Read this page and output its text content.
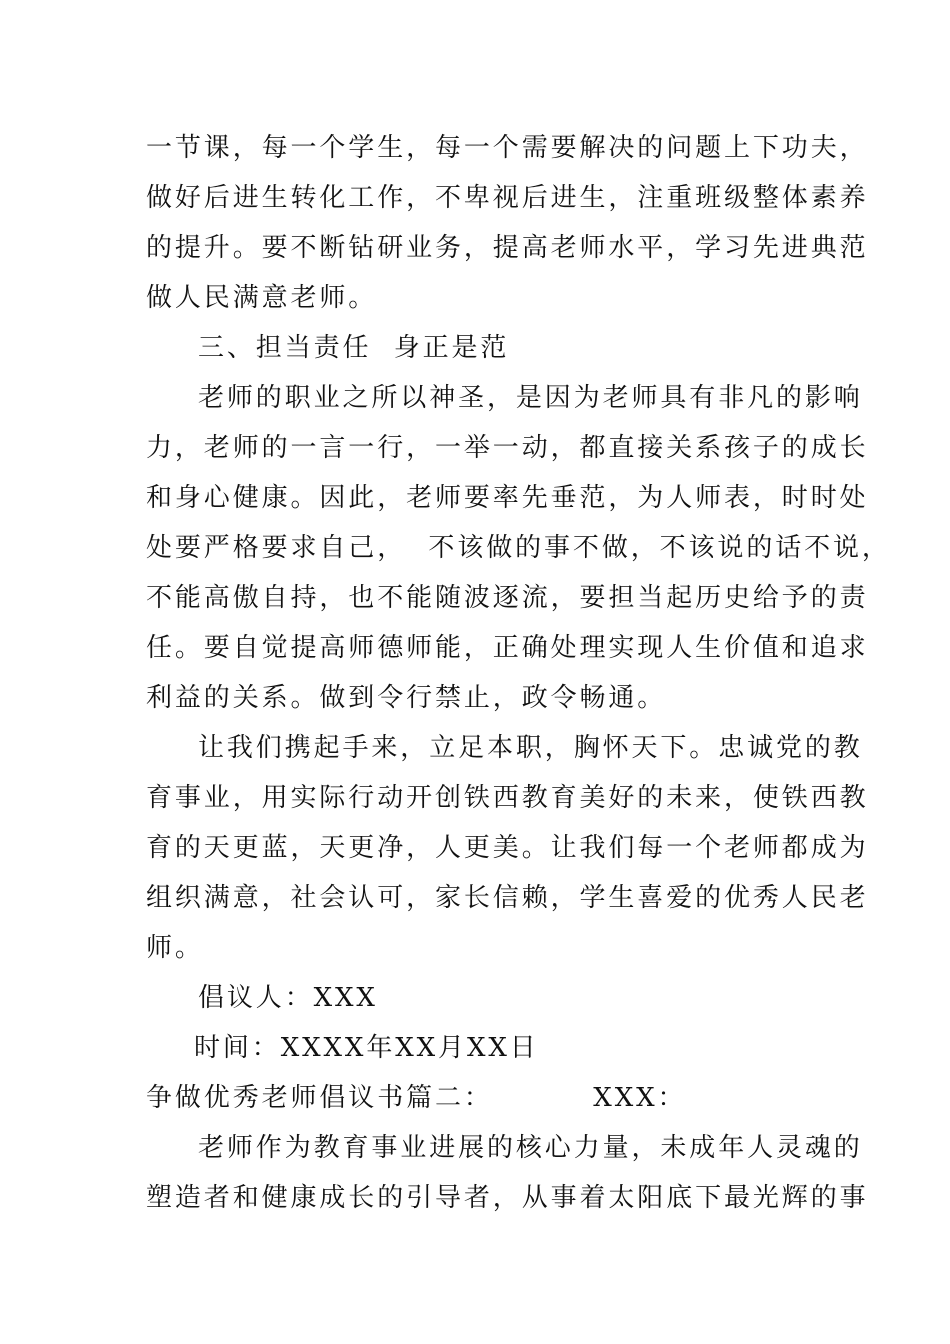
一节课，每一个学生，每一个需要解决的问题上下功夫，
做好后进生转化工作，不卑视后进生，注重班级整体素养
的提升。要不断钻研业务，提高老师水平，学习先进典范
做人民满意老师。
三、担当责任  身正是范
老师的职业之所以神圣，是因为老师具有非凡的影响
力，老师的一言一行，一举一动，都直接关系孩子的成长
和身心健康。因此，老师要率先垂范，为人师表，时时处
处要严格要求自己，  不该做的事不做，不该说的话不说，
不能高傲自持，也不能随波逐流，要担当起历史给予的责
任。要自觉提高师德师能，正确处理实现人生价值和追求
利益的关系。做到令行禁止，政令畅通。
让我们携起手来，立足本职，胸怀天下。忠诚党的教
育事业，用实际行动开创铁西教育美好的未来，使铁西教
育的天更蓝，天更净，人更美。让我们每一个老师都成为
组织满意，社会认可，家长信赖，学生喜爱的优秀人民老
师。
倡议人：XXX
时间：XXXX年XX月XX日
争做优秀老师倡议书篇二：         XXX：
老师作为教育事业进展的核心力量，未成年人灵魂的
塑造者和健康成长的引导者，从事着太阳底下最光辉的事
